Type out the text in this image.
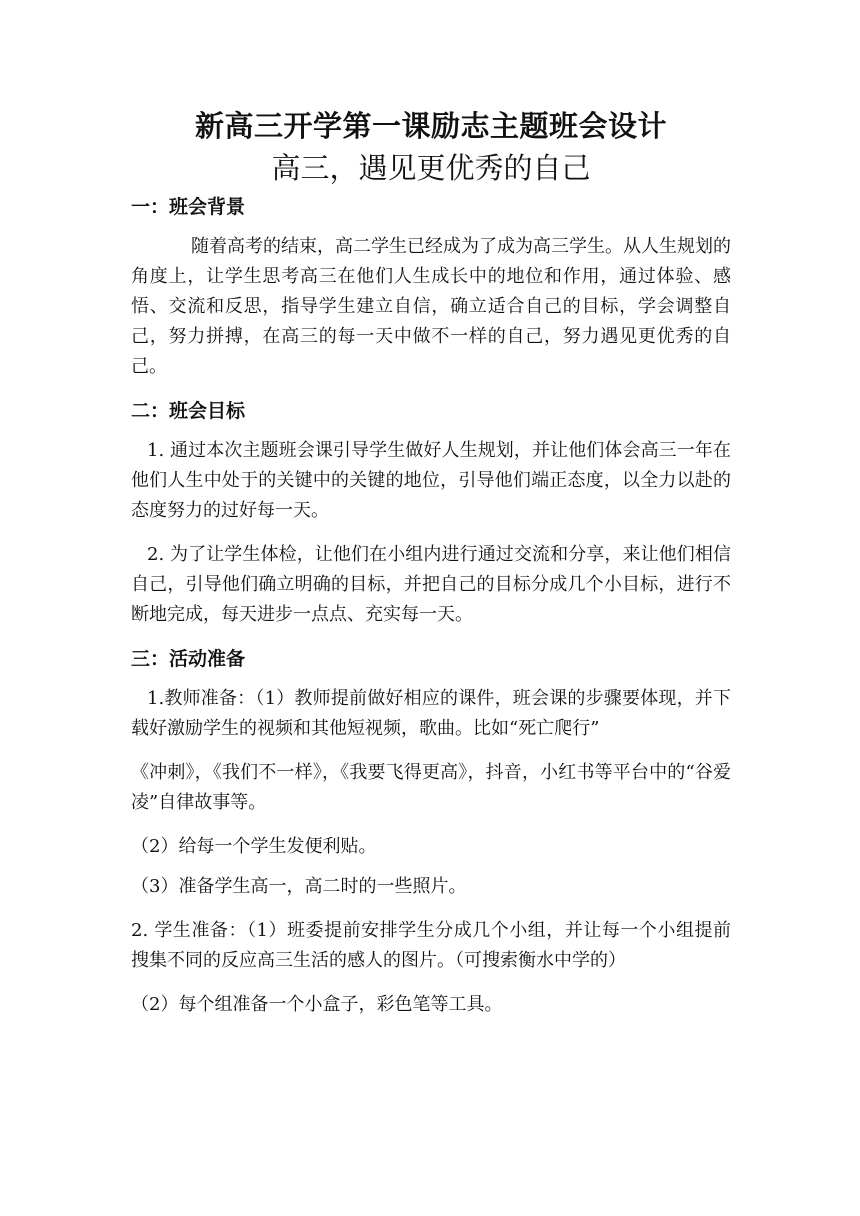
新高三开学第一课励志主题班会设计
高三，遇见更优秀的自己
一：班会背景

随着高考的结束，高二学生已经成为了成为高三学生。从人生规划的角度上，让学生思考高三在他们人生成长中的地位和作用，通过体验、感悟、交流和反思，指导学生建立自信，确立适合自己的目标，学会调整自己，努力拼搏，在高三的每一天中做不一样的自己，努力遇见更优秀的自己。

二：班会目标

1. 通过本次主题班会课引导学生做好人生规划，并让他们体会高三一年在他们人生中处于的关键中的关键的地位，引导他们端正态度，以全力以赴的态度努力的过好每一天。

2. 为了让学生体检，让他们在小组内进行通过交流和分享，来让他们相信自己，引导他们确立明确的目标，并把自己的目标分成几个小目标，进行不断地完成，每天进步一点点、充实每一天。

三：活动准备

1.教师准备：（1）教师提前做好相应的课件，班会课的步骤要体现，并下载好激励学生的视频和其他短视频，歌曲。比如“死亡爬行”

《冲刺》，《我们不一样》，《我要飞得更高》，抖音，小红书等平台中的“谷爱凌”自律故事等。

（2）给每一个学生发便利贴。

（3）准备学生高一，高二时的一些照片。

2. 学生准备：（1）班委提前安排学生分成几个小组，并让每一个小组提前搜集不同的反应高三生活的感人的图片。（可搜索衡水中学的）

（2）每个组准备一个小盒子，彩色笔等工具。
